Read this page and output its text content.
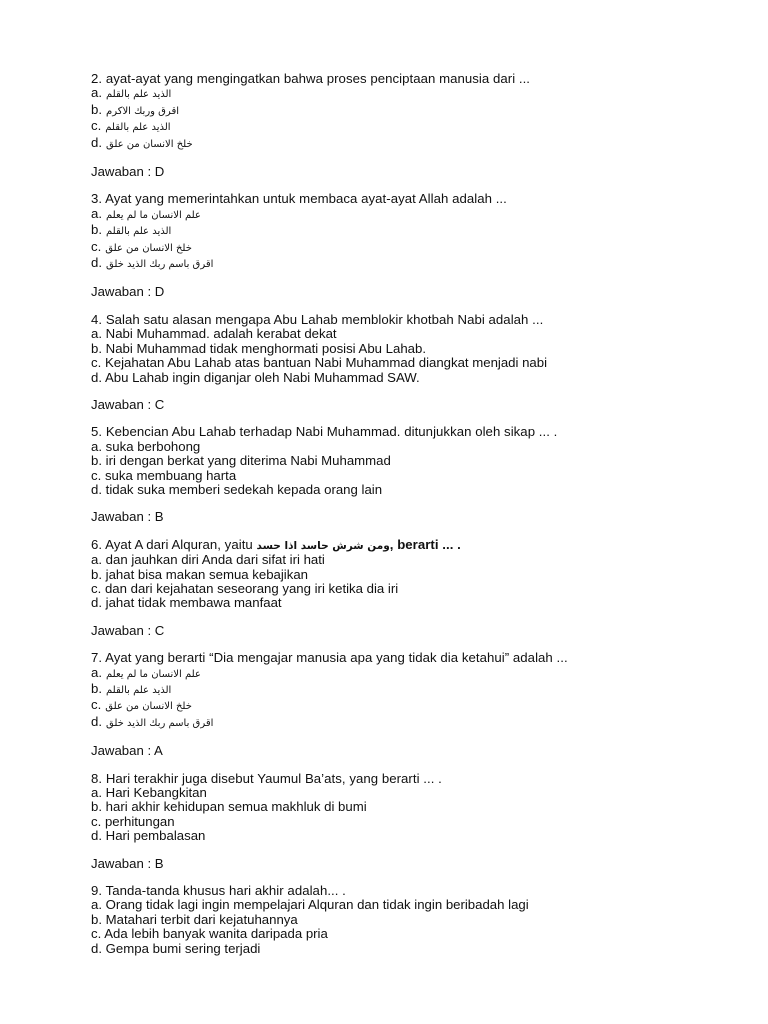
2. ayat-ayat yang mengingatkan bahwa proses penciptaan manusia dari ...
a. الذيد علم بالقلم
b. اقرق وربك الاكرم
c. الذيد علم بالقلم
d. خلخ الانسان من علق
Jawaban : D
3. Ayat yang memerintahkan untuk membaca ayat-ayat Allah adalah ...
a. علم الانسان ما لم يعلم
b. الذيد علم بالقلم
c. خلخ الانسان من علق
d. اقرق باسم ربك الذيد خلق
Jawaban : D
4. Salah satu alasan mengapa Abu Lahab memblokir khotbah Nabi adalah ...
a. Nabi Muhammad. adalah kerabat dekat
b. Nabi Muhammad tidak menghormati posisi Abu Lahab.
c. Kejahatan Abu Lahab atas bantuan Nabi Muhammad diangkat menjadi nabi
d. Abu Lahab ingin diganjar oleh Nabi Muhammad SAW.
Jawaban : C
5. Kebencian Abu Lahab terhadap Nabi Muhammad. ditunjukkan oleh sikap ... .
a. suka berbohong
b. iri dengan berkat yang diterima Nabi Muhammad
c. suka membuang harta
d. tidak suka memberi sedekah kepada orang lain
Jawaban : B
6. Ayat A dari Alquran, yaitu ومن شرش حاسد اذا حسد, berarti ... .
a. dan jauhkan diri Anda dari sifat iri hati
b. jahat bisa makan semua kebajikan
c. dan dari kejahatan seseorang yang iri ketika dia iri
d. jahat tidak membawa manfaat
Jawaban : C
7. Ayat yang berarti “Dia mengajar manusia apa yang tidak dia ketahui” adalah ...
a. علم الانسان ما لم يعلم
b. الذيد علم بالقلم
c. خلخ الانسان من علق
d. اقرق باسم ربك الذيد خلق
Jawaban : A
8. Hari terakhir juga disebut Yaumul Ba’ats, yang berarti ... .
a. Hari Kebangkitan
b. hari akhir kehidupan semua makhluk di bumi
c. perhitungan
d. Hari pembalasan
Jawaban : B
9. Tanda-tanda khusus hari akhir adalah... .
a. Orang tidak lagi ingin mempelajari Alquran dan tidak ingin beribadah lagi
b. Matahari terbit dari kejatuhannya
c. Ada lebih banyak wanita daripada pria
d. Gempa bumi sering terjadi
